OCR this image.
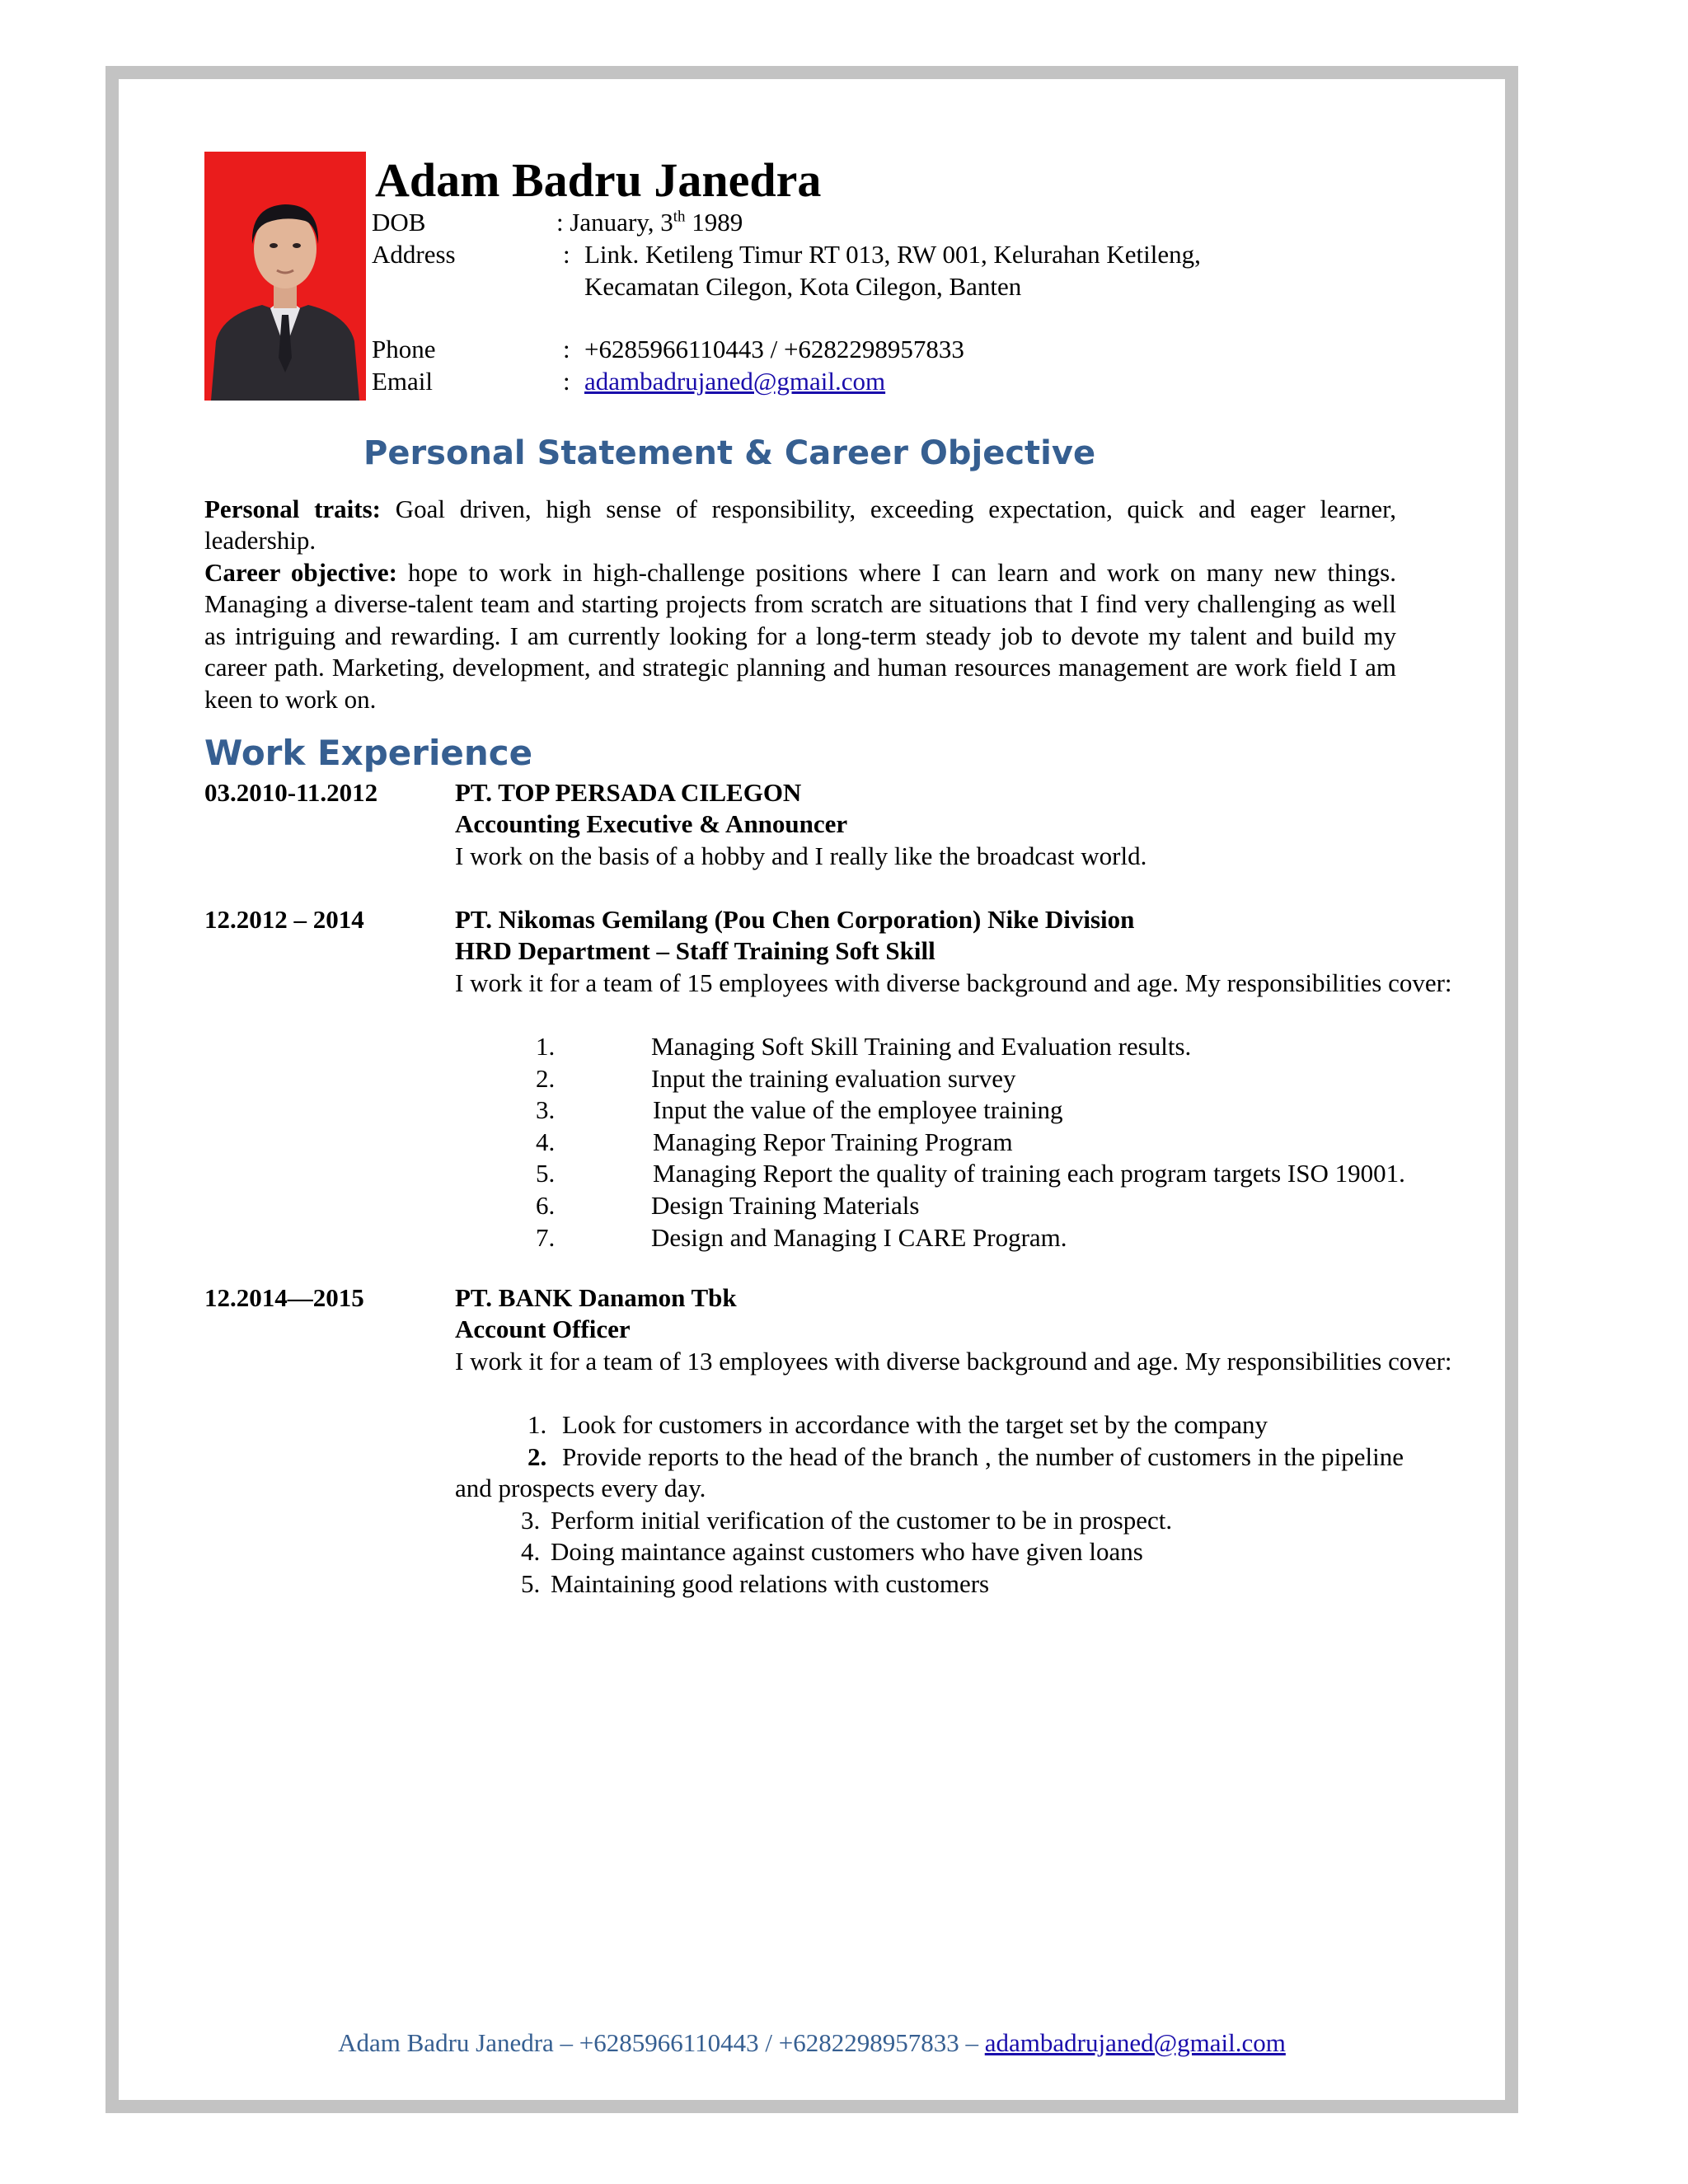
Adam Badru Janedra
DOB	: January, 3th 1989
Address	: Link. Ketileng Timur RT 013, RW 001, Kelurahan Ketileng,
Kecamatan Cilegon, Kota Cilegon, Banten
Phone	: +6285966110443 / +6282298957833
Email	: adambadrujaned@gmail.com
Personal Statement & Career Objective
Personal traits: Goal driven, high sense of responsibility, exceeding expectation, quick and eager learner, leadership.
Career objective: hope to work in high-challenge positions where I can learn and work on many new things. Managing a diverse-talent team and starting projects from scratch are situations that I find very challenging as well as intriguing and rewarding. I am currently looking for a long-term steady job to devote my talent and build my career path. Marketing, development, and strategic planning and human resources management are work field I am keen to work on.
Work Experience
03.2010-11.2012	PT. TOP PERSADA CILEGON
Accounting Executive & Announcer
I work on the basis of a hobby and I really like the broadcast world.
12.2012 – 2014	PT. Nikomas Gemilang (Pou Chen Corporation) Nike Division
HRD Department – Staff Training Soft Skill
I work it for a team of 15 employees with diverse background and age. My responsibilities cover:
1.	Managing Soft Skill Training and Evaluation results.
2.	Input the training evaluation survey
3.	Input the value of the employee training
4.	Managing Repor Training Program
5.	Managing Report the quality of training each program targets ISO 19001.
6.	Design Training Materials
7.	Design and Managing I CARE Program.
12.2014—2015	PT. BANK Danamon Tbk
Account Officer
I work it for a team of 13 employees with diverse background and age. My responsibilities cover:
1. Look for customers in accordance with the target set by the company
2. Provide reports to the head of the branch , the number of customers in the pipeline
and prospects every day.
3. Perform initial verification of the customer to be in prospect.
4. Doing maintance against customers who have given loans
5. Maintaining good relations with customers
Adam Badru Janedra – +6285966110443 / +6282298957833 – adambadrujaned@gmail.com
